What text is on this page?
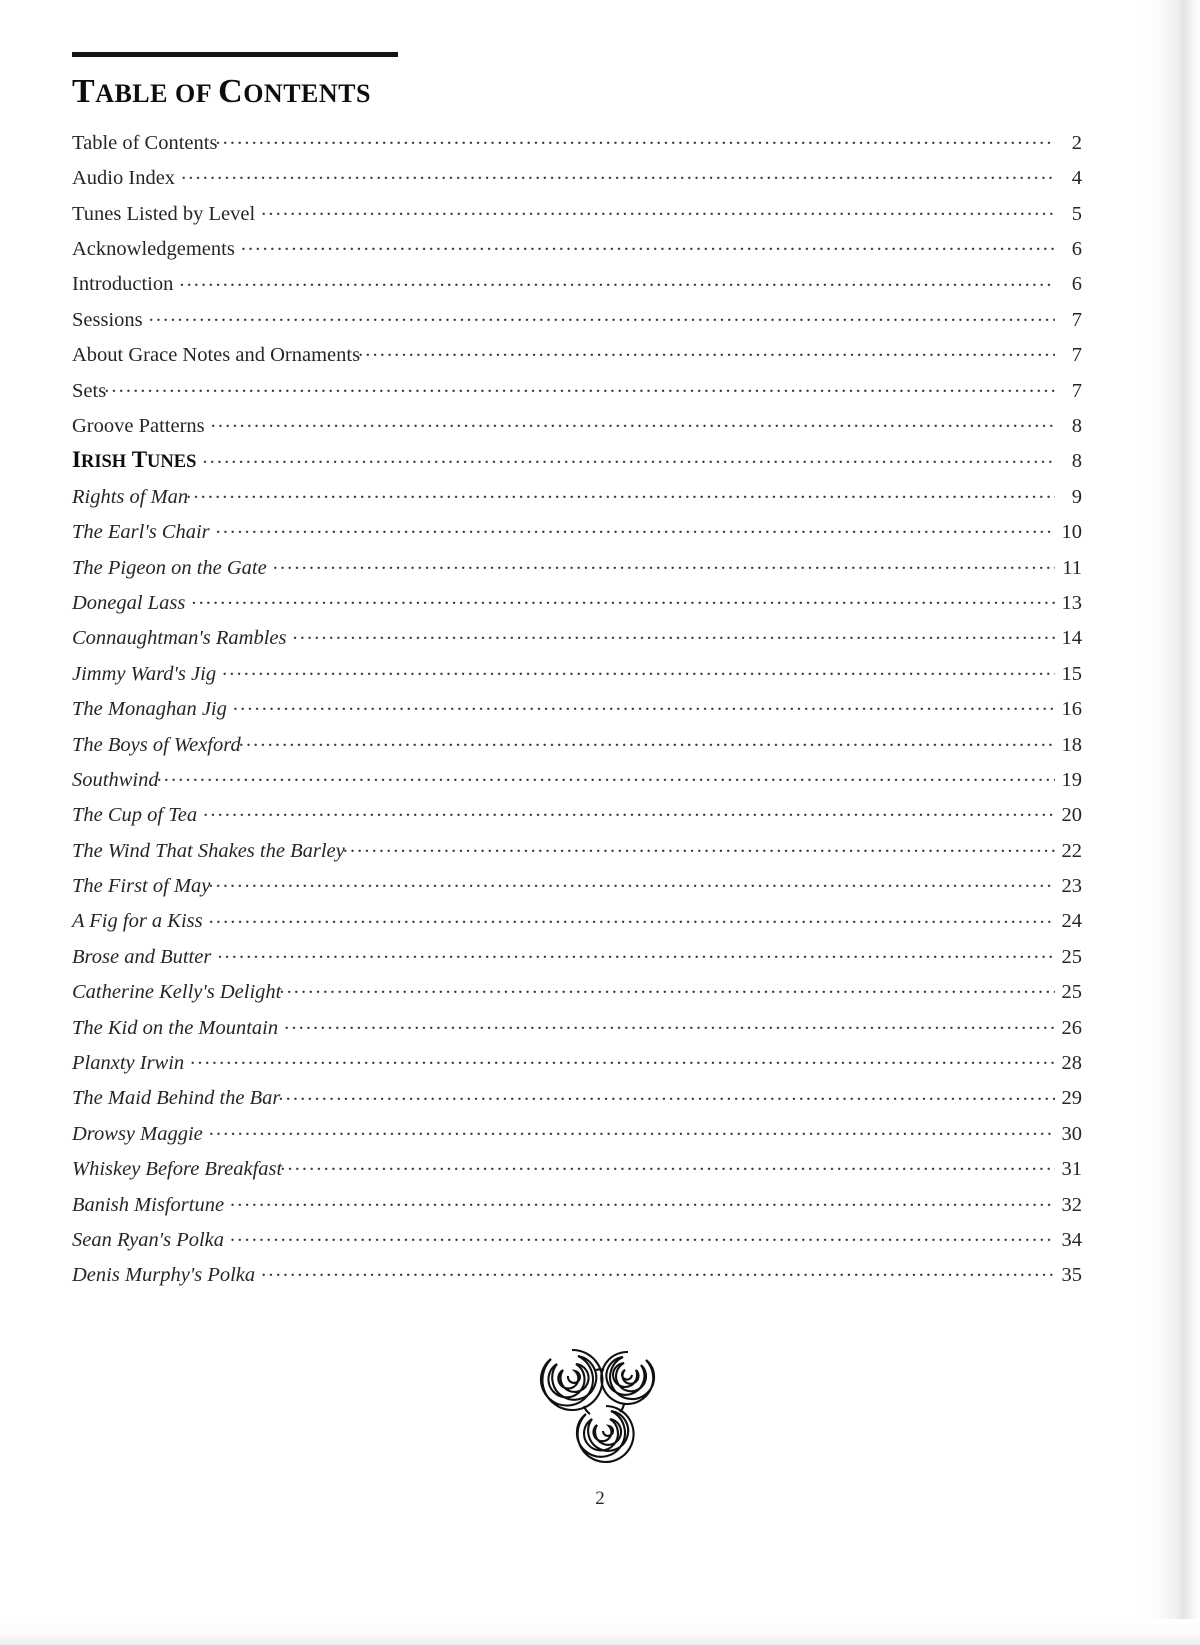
TABLE OF CONTENTS
Table of Contents .....	2
Audio Index .....	4
Tunes Listed by Level .....	5
Acknowledgements .....	6
Introduction .....	6
Sessions .....	7
About Grace Notes and Ornaments .....	7
Sets .....	7
Groove Patterns .....	8
IRISH TUNES .....	8
Rights of Man .....	9
The Earl's Chair .....	10
The Pigeon on the Gate .....	11
Donegal Lass .....	13
Connaughtman's Rambles .....	14
Jimmy Ward's Jig .....	15
The Monaghan Jig .....	16
The Boys of Wexford .....	18
Southwind .....	19
The Cup of Tea .....	20
The Wind That Shakes the Barley .....	22
The First of May .....	23
A Fig for a Kiss .....	24
Brose and Butter .....	25
Catherine Kelly's Delight .....	25
The Kid on the Mountain .....	26
Planxty Irwin .....	28
The Maid Behind the Bar .....	29
Drowsy Maggie .....	30
Whiskey Before Breakfast .....	31
Banish Misfortune .....	32
Sean Ryan's Polka .....	34
Denis Murphy's Polka .....	35
2
